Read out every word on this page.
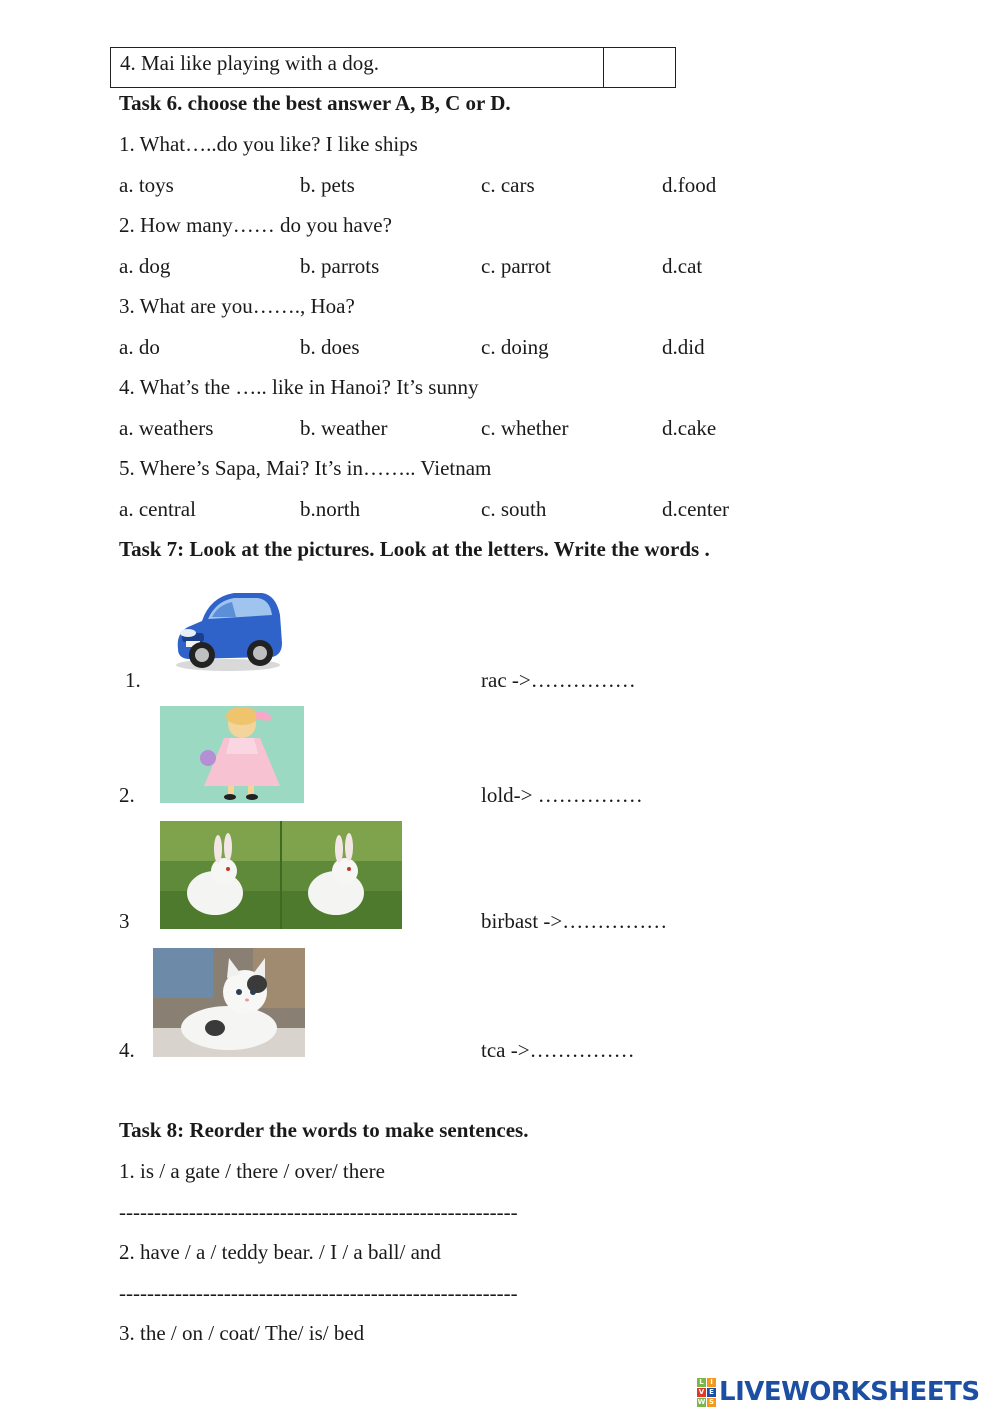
4. Mai like playing with a dog.
Task 6. choose the best answer A, B, C or D.
1. What…..do you like? I like ships
a. toys	b. pets	c. cars	d.food
2. How many…… do you have?
a. dog	b. parrots	c. parrot	d.cat
3. What are you……., Hoa?
a. do	b. does	c. doing	d.did
4. What’s the ….. like in Hanoi? It’s sunny
a. weathers	b. weather	c. whether	d.cake
5. Where’s Sapa, Mai? It’s in…….. Vietnam
a. central	b.north	c. south	d.center
Task 7: Look at the pictures. Look at the letters. Write the words .
1.	rac ->……………
2.	lold-> ……………
3	birbast ->……………
4.	tca ->……………
Task 8: Reorder the words to make sentences.
1. is / a gate / there / over/ there
---------------------------------------------------------
2. have / a / teddy bear. / I / a ball/ and
---------------------------------------------------------
3. the / on / coat/ The/ is/ bed
L I
V E
W S LIVEWORKSHEETS
